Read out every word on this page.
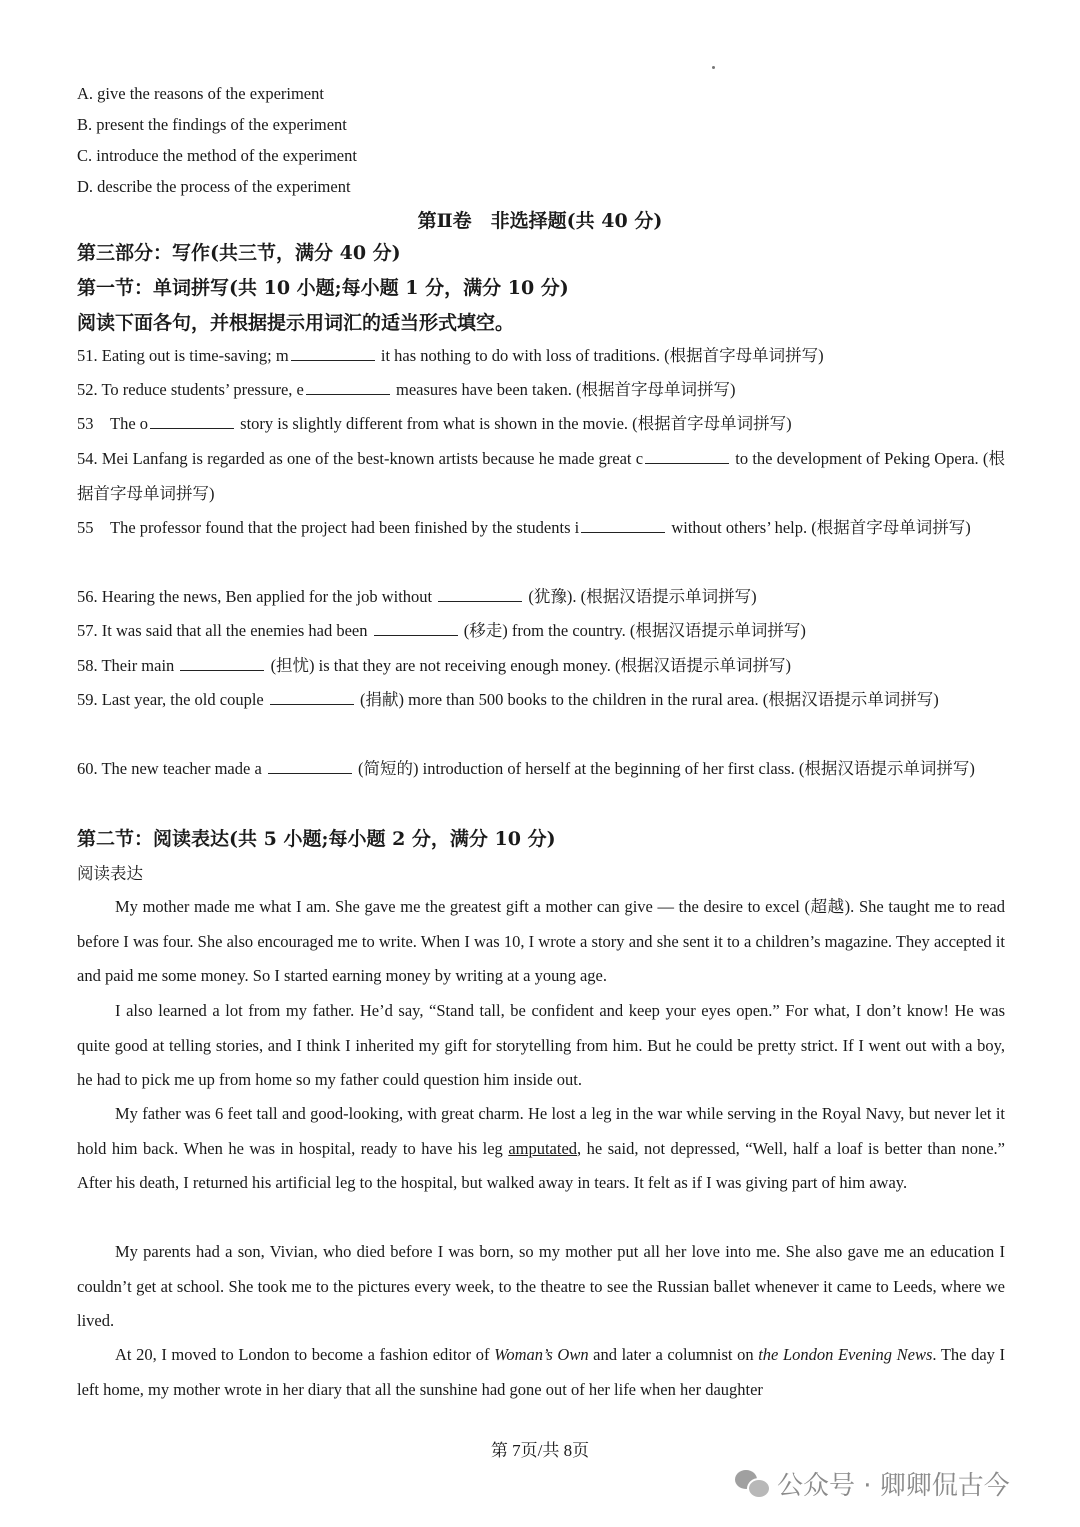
A. give the reasons of the experiment
B. present the findings of the experiment
C. introduce the method of the experiment
D. describe the process of the experiment
第Ⅱ卷　非选择题(共 40 分)
第三部分：写作(共三节，满分 40 分)
第一节：单词拼写(共 10 小题;每小题 1 分，满分 10 分)
阅读下面各句，并根据提示用词汇的适当形式填空。

51. Eating out is time-saving; m	it has nothing to do with loss of traditions. (根据首字母单词拼写)

52. To reduce students’ pressure, e	measures have been taken. (根据首字母单词拼写)

53　The o	story is slightly different from what is shown in the movie. (根据首字母单词拼写)

54. Mei Lanfang is regarded as one of the best-known artists because he made great c	to the development of Peking Opera. (根据首字母单词拼写)

55　The professor found that the project had been finished by the students i	without others’ help. (根据首字母单词拼写)

56. Hearing the news, Ben applied for the job without	(犹豫). (根据汉语提示单词拼写)

57. It was said that all the enemies had been	(移走) from the country. (根据汉语提示单词拼写)

58. Their main	(担忧) is that they are not receiving enough money. (根据汉语提示单词拼写)

59. Last year, the old couple	(捐献) more than 500 books to the children in the rural area. (根据汉语提示单词拼写)

60. The new teacher made a	(简短的) introduction of herself at the beginning of her first class. (根据汉语提示单词拼写)

第二节：阅读表达(共 5 小题;每小题 2 分，满分 10 分)
阅读表达

My mother made me what I am. She gave me the greatest gift a mother can give — the desire to excel (超越). She taught me to read before I was four. She also encouraged me to write. When I was 10, I wrote a story and she sent it to a children’s magazine. They accepted it and paid me some money. So I started earning money by writing at a young age.

I also learned a lot from my father. He’d say, “Stand tall, be confident and keep your eyes open.” For what, I don’t know! He was quite good at telling stories, and I think I inherited my gift for storytelling from him. But he could be pretty strict. If I went out with a boy, he had to pick me up from home so my father could question him inside out.

My father was 6 feet tall and good-looking, with great charm. He lost a leg in the war while serving in the Royal Navy, but never let it hold him back. When he was in hospital, ready to have his leg amputated, he said, not depressed, “Well, half a loaf is better than none.” After his death, I returned his artificial leg to the hospital, but walked away in tears. It felt as if I was giving part of him away.

My parents had a son, Vivian, who died before I was born, so my mother put all her love into me. She also gave me an education I couldn’t get at school. She took me to the pictures every week, to the theatre to see the Russian ballet whenever it came to Leeds, where we lived.

At 20, I moved to London to become a fashion editor of Woman’s Own and later a columnist on the London Evening News. The day I left home, my mother wrote in her diary that all the sunshine had gone out of her life when her daughter

第 7页/共 8页
公众号 · 卿卿侃古今
